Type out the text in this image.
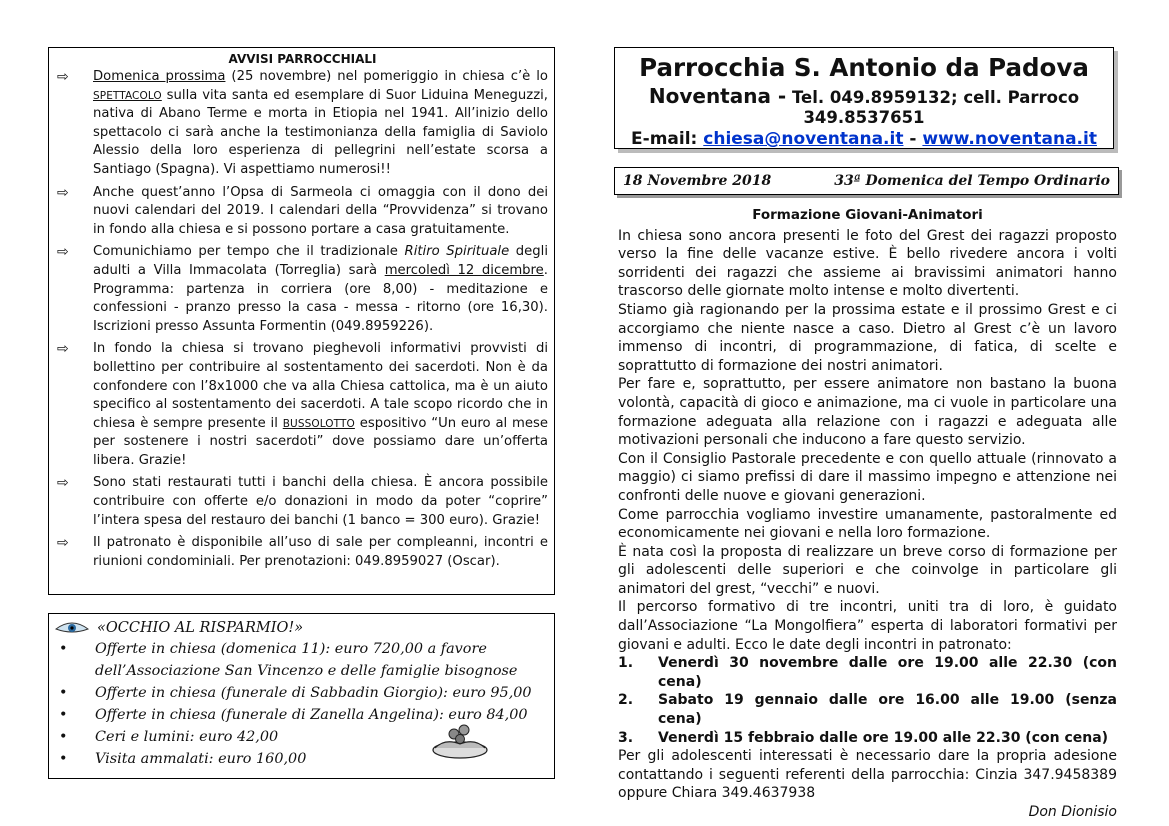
AVVISI PARROCCHIALI
⇨ Domenica prossima (25 novembre) nel pomeriggio in chiesa c’è lo SPETTACOLO sulla vita santa ed esemplare di Suor Liduina Meneguzzi, nativa di Abano Terme e morta in Etiopia nel 1941. All’inizio dello spettacolo ci sarà anche la testimonianza della famiglia di Saviolo Alessio della loro esperienza di pellegrini nell’estate scorsa a Santiago (Spagna). Vi aspettiamo numerosi!!
⇨ Anche quest’anno l’Opsa di Sarmeola ci omaggia con il dono dei nuovi calendari del 2019. I calendari della “Provvidenza” si trovano in fondo alla chiesa e si possono portare a casa gratuitamente.
⇨ Comunichiamo per tempo che il tradizionale Ritiro Spirituale degli adulti a Villa Immacolata (Torreglia) sarà mercoledì 12 dicembre. Programma: partenza in corriera (ore 8,00) - meditazione e confessioni - pranzo presso la casa - messa - ritorno (ore 16,30). Iscrizioni presso Assunta Formentin (049.8959226).
⇨ In fondo la chiesa si trovano pieghevoli informativi provvisti di bollettino per contribuire al sostentamento dei sacerdoti. Non è da confondere con l’8x1000 che va alla Chiesa cattolica, ma è un aiuto specifico al sostentamento dei sacerdoti. A tale scopo ricordo che in chiesa è sempre presente il BUSSOLOTTO espositivo “Un euro al mese per sostenere i nostri sacerdoti” dove possiamo dare un’offerta libera. Grazie!
⇨ Sono stati restaurati tutti i banchi della chiesa. È ancora possibile contribuire con offerte e/o donazioni in modo da poter “coprire” l’intera spesa del restauro dei banchi (1 banco = 300 euro). Grazie!
⇨ Il patronato è disponibile all’uso di sale per compleanni, incontri e riunioni condominiali. Per prenotazioni: 049.8959027 (Oscar).
«OCCHIO AL RISPARMIO!»
• Offerte in chiesa (domenica 11): euro 720,00 a favore dell’Associazione San Vincenzo e delle famiglie bisognose
• Offerte in chiesa (funerale di Sabbadin Giorgio): euro 95,00
• Offerte in chiesa (funerale di Zanella Angelina): euro 84,00
• Ceri e lumini: euro 42,00
• Visita ammalati: euro 160,00
Parrocchia S. Antonio da Padova
Noventana - Tel. 049.8959132; cell. Parroco 349.8537651
E-mail: chiesa@noventana.it - www.noventana.it
18 Novembre 2018	33ª Domenica del Tempo Ordinario
Formazione Giovani-Animatori

In chiesa sono ancora presenti le foto del Grest dei ragazzi proposto verso la fine delle vacanze estive. È bello rivedere ancora i volti sorridenti dei ragazzi che assieme ai bravissimi animatori hanno trascorso delle giornate molto intense e molto divertenti.

Stiamo già ragionando per la prossima estate e il prossimo Grest e ci accorgiamo che niente nasce a caso. Dietro al Grest c’è un lavoro immenso di incontri, di programmazione, di fatica, di scelte e soprattutto di formazione dei nostri animatori.

Per fare e, soprattutto, per essere animatore non bastano la buona volontà, capacità di gioco e animazione, ma ci vuole in particolare una formazione adeguata alla relazione con i ragazzi e adeguata alle motivazioni personali che inducono a fare questo servizio.

Con il Consiglio Pastorale precedente e con quello attuale (rinnovato a maggio) ci siamo prefissi di dare il massimo impegno e attenzione nei confronti delle nuove e giovani generazioni.

Come parrocchia vogliamo investire umanamente, pastoralmente ed economicamente nei giovani e nella loro formazione.

È nata così la proposta di realizzare un breve corso di formazione per gli adolescenti delle superiori e che coinvolge in particolare gli animatori del grest, “vecchi” e nuovi.

Il percorso formativo di tre incontri, uniti tra di loro, è guidato dall’Associazione “La Mongolfiera” esperta di laboratori formativi per giovani e adulti. Ecco le date degli incontri in patronato:

1.	Venerdì 30 novembre dalle ore 19.00 alle 22.30 (con cena)
2.	Sabato 19 gennaio dalle ore 16.00 alle 19.00 (senza cena)
3.	Venerdì 15 febbraio dalle ore 19.00 alle 22.30 (con cena)

Per gli adolescenti interessati è necessario dare la propria adesione contattando i seguenti referenti della parrocchia: Cinzia 347.9458389 oppure Chiara 349.4637938

Don Dionisio
